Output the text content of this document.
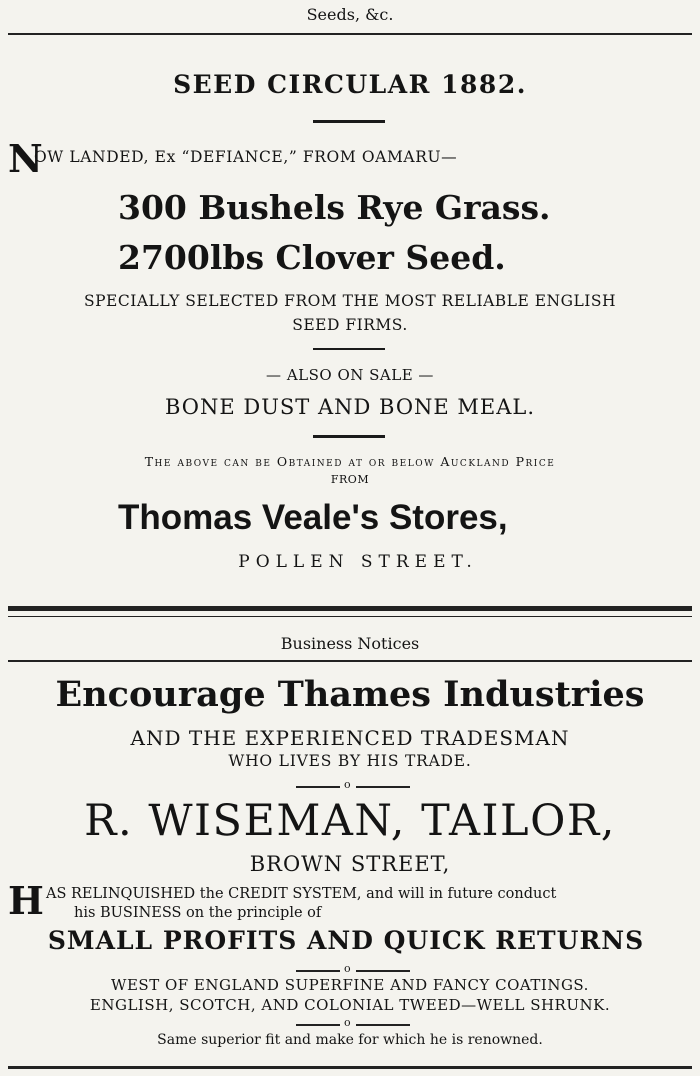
Seeds, &c.
SEED CIRCULAR 1882.
N
OW LANDED, Ex “DEFIANCE,” FROM OAMARU—
300 Bushels Rye Grass.
2700lbs Clover Seed.
SPECIALLY SELECTED FROM THE MOST RELIABLE ENGLISH
SEED FIRMS.
— ALSO ON SALE —
BONE DUST AND BONE MEAL.
The above can be Obtained at or below Auckland Price
FROM
Thomas Veale's Stores,
POLLEN STREET.
Business Notices
Encourage Thames Industries
AND THE EXPERIENCED TRADESMAN
WHO LIVES BY HIS TRADE.
o
R. WISEMAN, TAILOR,
BROWN STREET,
H AS RELINQUISHED the CREDIT SYSTEM, and will in future conduct
his BUSINESS on the principle of
SMALL PROFITS AND QUICK RETURNS
o
WEST OF ENGLAND SUPERFINE AND FANCY COATINGS.
ENGLISH, SCOTCH, AND COLONIAL TWEED—WELL SHRUNK.
o
Same superior fit and make for which he is renowned.
